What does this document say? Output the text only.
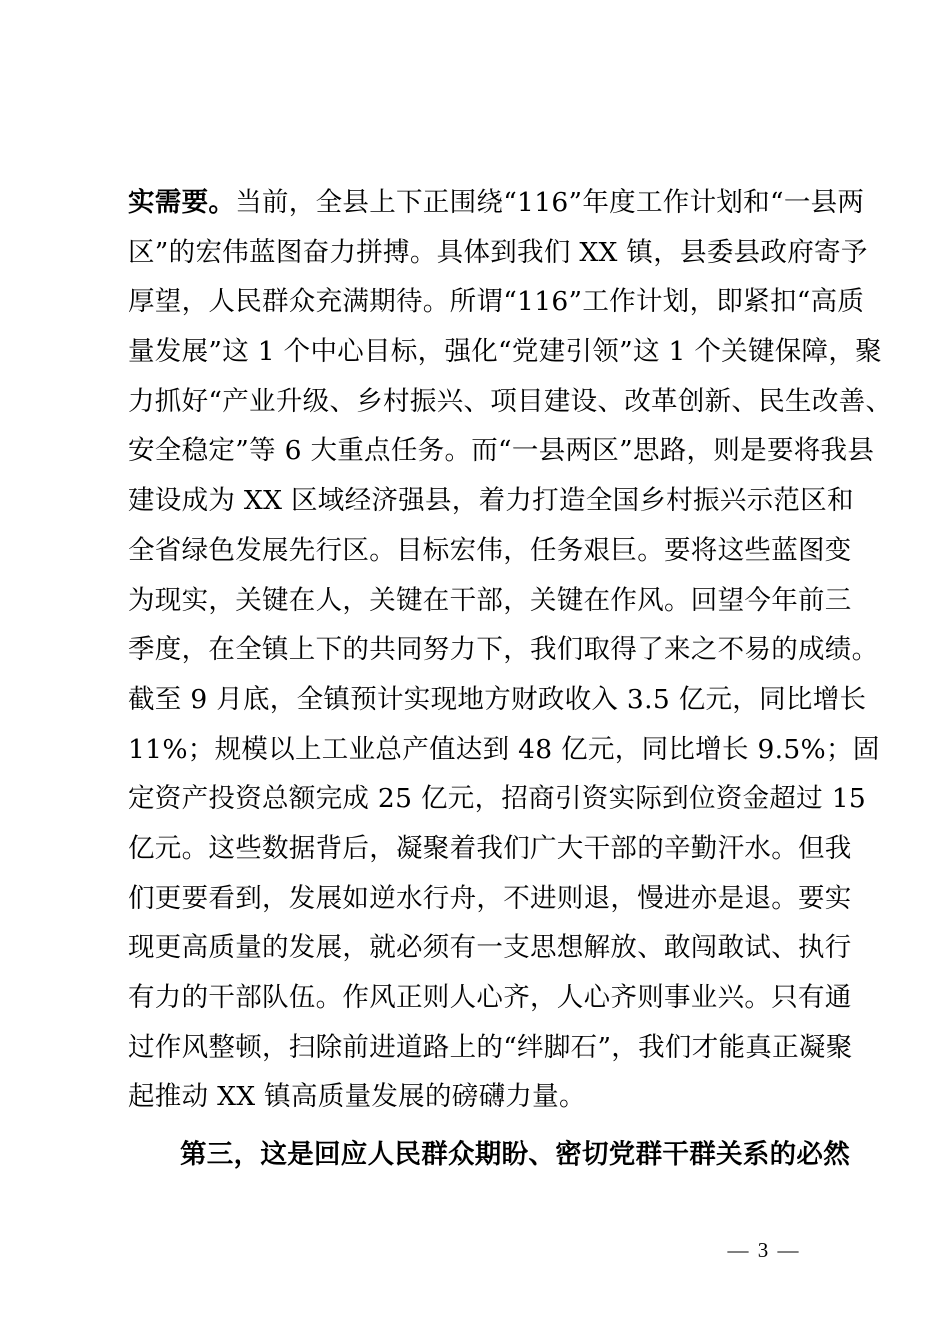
实需要。当前，全县上下正围绕“116”年度工作计划和“一县两
区”的宏伟蓝图奋力拼搏。具体到我们 XX 镇，县委县政府寄予
厚望，人民群众充满期待。所谓“116”工作计划，即紧扣“高质
量发展”这 1 个中心目标，强化“党建引领”这 1 个关键保障，聚
力抓好“产业升级、乡村振兴、项目建设、改革创新、民生改善、
安全稳定”等 6 大重点任务。而“一县两区”思路，则是要将我县
建设成为 XX 区域经济强县，着力打造全国乡村振兴示范区和
全省绿色发展先行区。目标宏伟，任务艰巨。要将这些蓝图变
为现实，关键在人，关键在干部，关键在作风。回望今年前三
季度，在全镇上下的共同努力下，我们取得了来之不易的成绩。
截至 9 月底，全镇预计实现地方财政收入 3.5 亿元，同比增长
11%；规模以上工业总产值达到 48 亿元，同比增长 9.5%；固
定资产投资总额完成 25 亿元，招商引资实际到位资金超过 15
亿元。这些数据背后，凝聚着我们广大干部的辛勤汗水。但我
们更要看到，发展如逆水行舟，不进则退，慢进亦是退。要实
现更高质量的发展，就必须有一支思想解放、敢闯敢试、执行
有力的干部队伍。作风正则人心齐，人心齐则事业兴。只有通
过作风整顿，扫除前进道路上的“绊脚石”，我们才能真正凝聚
起推动 XX 镇高质量发展的磅礴力量。
第三，这是回应人民群众期盼、密切党群干群关系的必然
— 3 —
